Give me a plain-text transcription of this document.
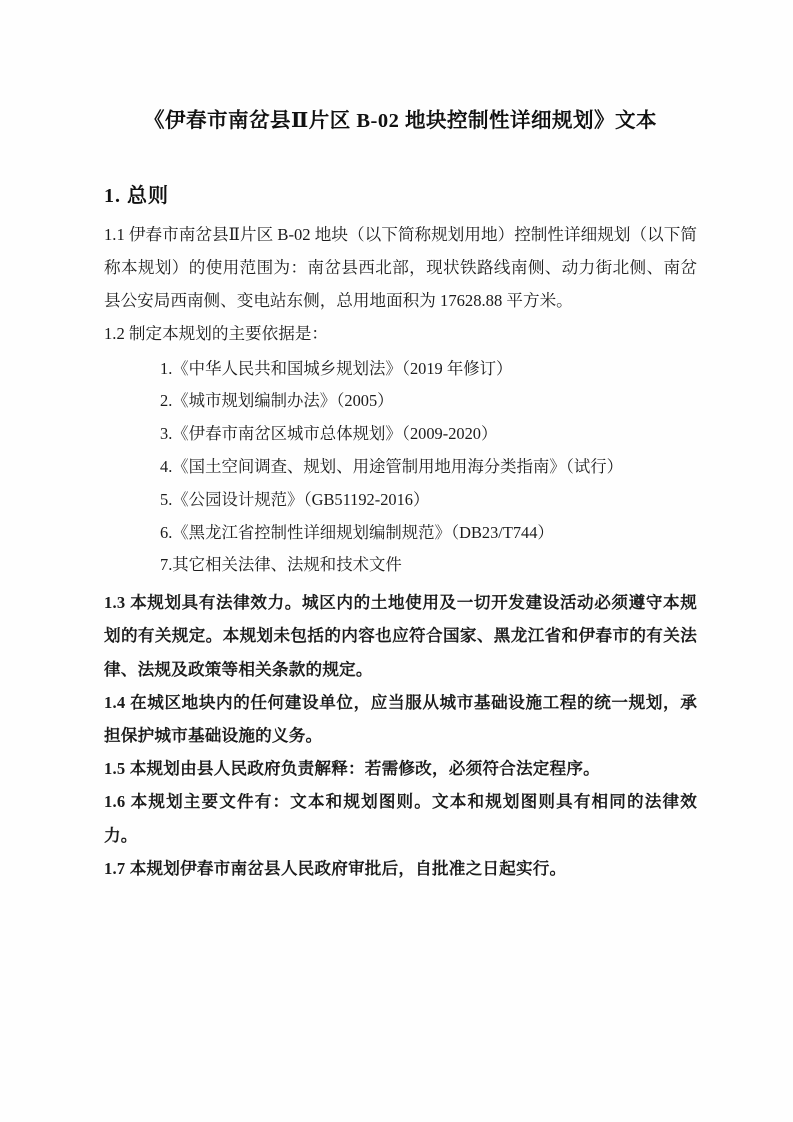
《伊春市南岔县Ⅱ片区 B-02 地块控制性详细规划》文本
1. 总则

1.1 伊春市南岔县Ⅱ片区 B-02 地块（以下简称规划用地）控制性详细规划（以下简称本规划）的使用范围为：南岔县西北部，现状铁路线南侧、动力街北侧、南岔县公安局西南侧、变电站东侧，总用地面积为 17628.88 平方米。

1.2 制定本规划的主要依据是：

1.《中华人民共和国城乡规划法》（2019 年修订）
2.《城市规划编制办法》（2005）
3.《伊春市南岔区城市总体规划》（2009-2020）
4.《国土空间调查、规划、用途管制用地用海分类指南》（试行）
5.《公园设计规范》（GB51192-2016）
6.《黑龙江省控制性详细规划编制规范》（DB23/T744）
7.其它相关法律、法规和技术文件

1.3 本规划具有法律效力。城区内的土地使用及一切开发建设活动必须遵守本规划的有关规定。本规划未包括的内容也应符合国家、黑龙江省和伊春市的有关法律、法规及政策等相关条款的规定。

1.4 在城区地块内的任何建设单位，应当服从城市基础设施工程的统一规划，承担保护城市基础设施的义务。

1.5 本规划由县人民政府负责解释：若需修改，必须符合法定程序。

1.6 本规划主要文件有：文本和规划图则。文本和规划图则具有相同的法律效力。

1.7 本规划伊春市南岔县人民政府审批后，自批准之日起实行。
